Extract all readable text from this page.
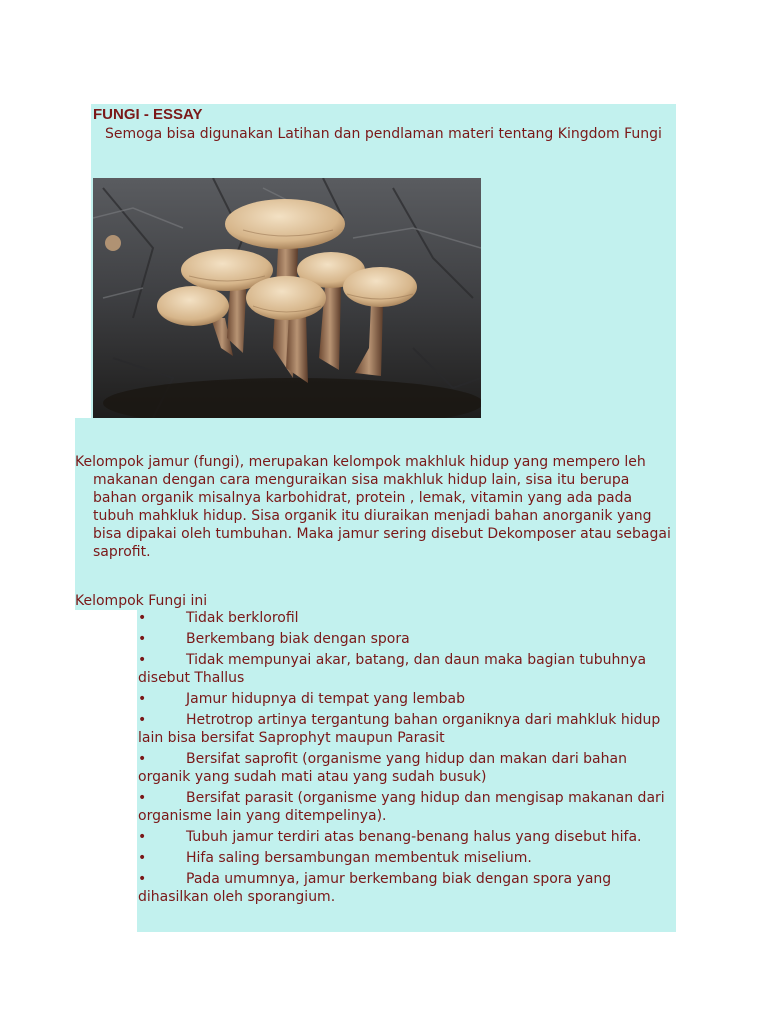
FUNGI - ESSAY

Semoga bisa digunakan Latihan dan pendlaman materi tentang Kingdom Fungi

Kelompok jamur (fungi), merupakan kelompok makhluk hidup yang mempero leh makanan dengan cara menguraikan sisa makhluk hidup lain, sisa itu berupa bahan organik misalnya karbohidrat, protein , lemak, vitamin yang ada pada tubuh mahkluk hidup. Sisa organik itu diuraikan menjadi bahan anorganik yang bisa dipakai oleh tumbuhan. Maka jamur sering disebut Dekomposer atau sebagai saprofit.

Kelompok Fungi ini

•	Tidak berklorofil
•	Berkembang biak dengan spora
•	Tidak mempunyai akar, batang, dan daun maka bagian tubuhnya disebut Thallus
•	Jamur hidupnya di tempat yang lembab
•	Hetrotrop artinya tergantung bahan organiknya dari mahkluk hidup lain bisa bersifat Saprophyt maupun Parasit
•	Bersifat saprofit (organisme yang hidup dan makan dari bahan organik yang sudah mati atau yang sudah busuk)
•	Bersifat parasit (organisme yang hidup dan mengisap makanan dari organisme lain yang ditempelinya).
•	Tubuh jamur terdiri atas benang-benang halus yang disebut hifa.
•	Hifa saling bersambungan membentuk miselium.
•	Pada umumnya, jamur berkembang biak dengan spora yang dihasilkan oleh sporangium.
